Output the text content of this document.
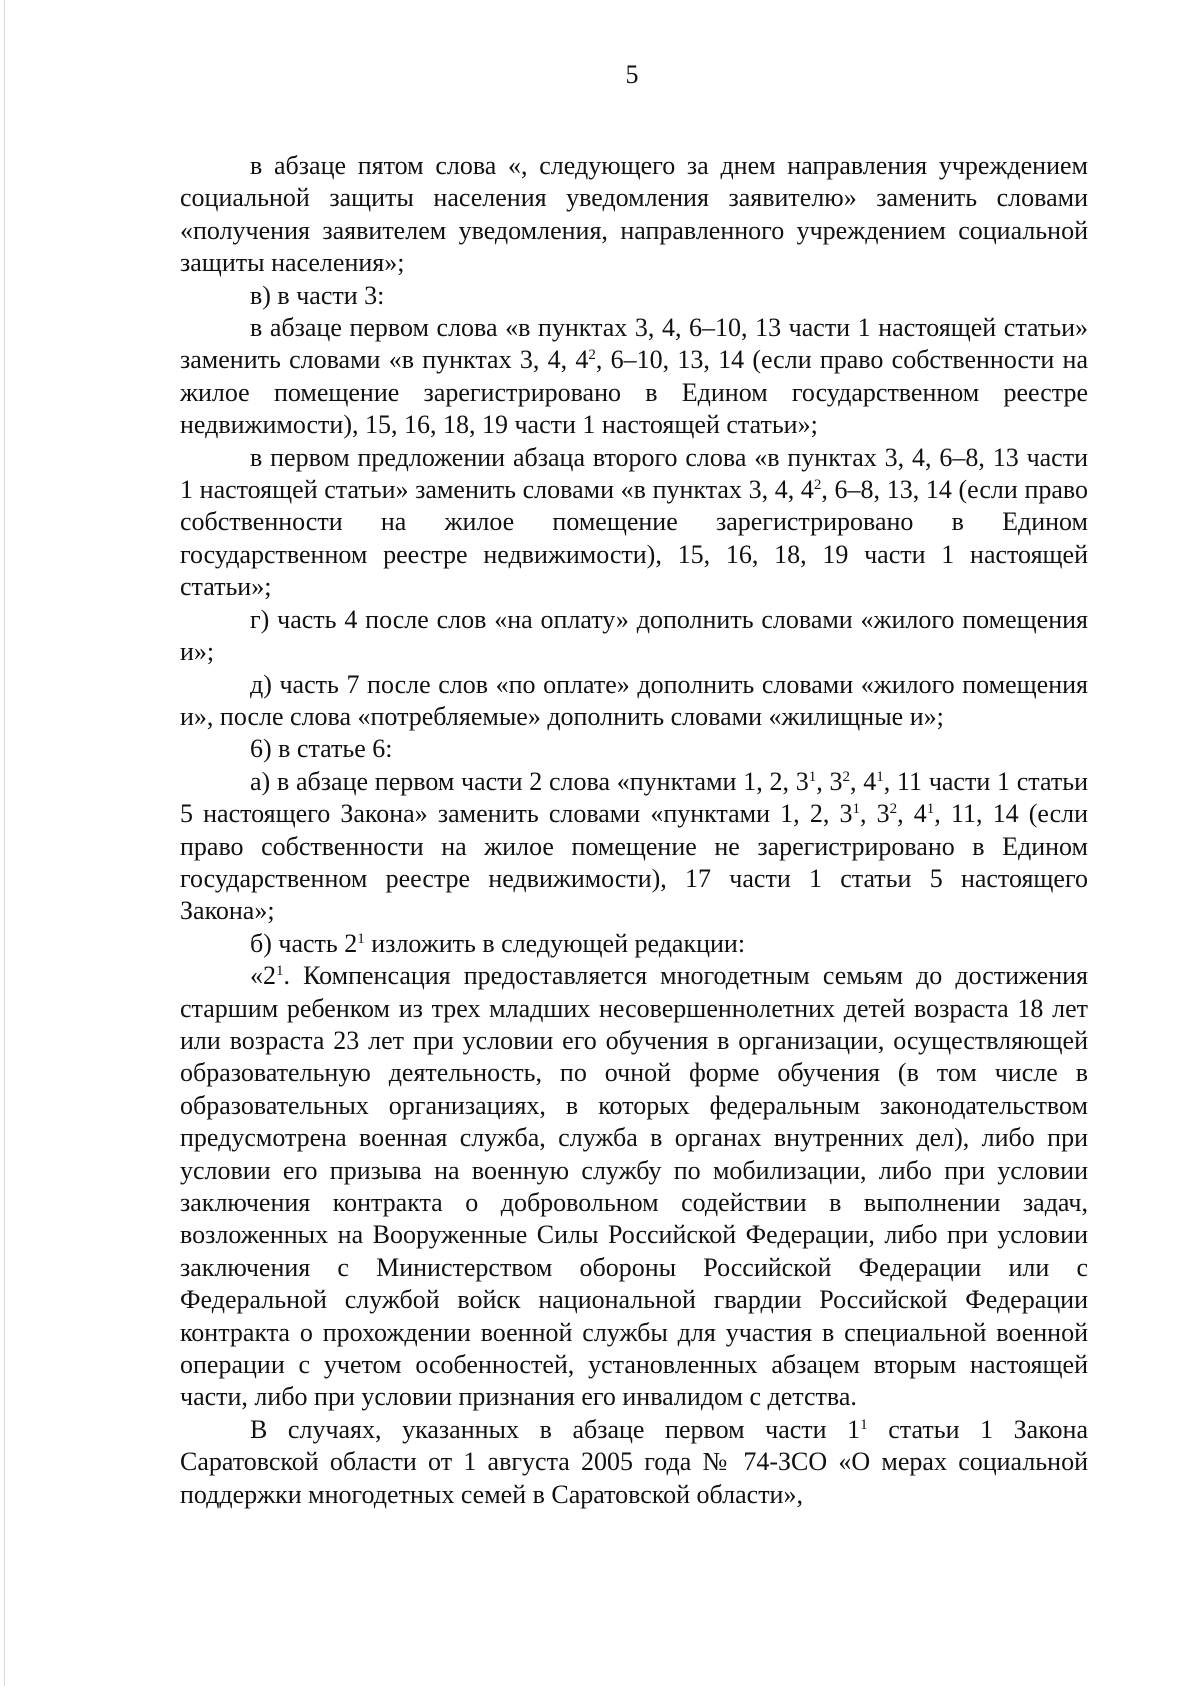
5

в абзаце пятом слова «, следующего за днем направления учреждением социальной защиты населения уведомления заявителю» заменить словами «получения заявителем уведомления, направленного учреждением социальной защиты населения»;

в) в части 3:

в абзаце первом слова «в пунктах 3, 4, 6–10, 13 части 1 настоящей статьи» заменить словами «в пунктах 3, 4, $4^2$, 6–10, 13, 14 (если право собственности на жилое помещение зарегистрировано в Едином государственном реестре недвижимости), 15, 16, 18, 19 части 1 настоящей статьи»;

в первом предложении абзаца второго слова «в пунктах 3, 4, 6–8, 13 части 1 настоящей статьи» заменить словами «в пунктах 3, 4, $4^2$, 6–8, 13, 14 (если право собственности на жилое помещение зарегистрировано в Едином государственном реестре недвижимости), 15, 16, 18, 19 части 1 настоящей статьи»;

г) часть 4 после слов «на оплату» дополнить словами «жилого помещения и»;

д) часть 7 после слов «по оплате» дополнить словами «жилого помещения и», после слова «потребляемые» дополнить словами «жилищные и»;

6) в статье 6:

а) в абзаце первом части 2 слова «пунктами 1, 2, $3^1$, $3^2$, $4^1$, 11 части 1 статьи 5 настоящего Закона» заменить словами «пунктами 1, 2, $3^1$, $3^2$, $4^1$, 11, 14 (если право собственности на жилое помещение не зарегистрировано в Едином государственном реестре недвижимости), 17 части 1 статьи 5 настоящего Закона»;

б) часть $2^1$ изложить в следующей редакции:

«$2^1$. Компенсация предоставляется многодетным семьям до достижения старшим ребенком из трех младших несовершеннолетних детей возраста 18 лет или возраста 23 лет при условии его обучения в организации, осуществляющей образовательную деятельность, по очной форме обучения (в том числе в образовательных организациях, в которых федеральным законодательством предусмотрена военная служба, служба в органах внутренних дел), либо при условии его призыва на военную службу по мобилизации, либо при условии заключения контракта о добровольном содействии в выполнении задач, возложенных на Вооруженные Силы Российской Федерации, либо при условии заключения с Министерством обороны Российской Федерации или с Федеральной службой войск национальной гвардии Российской Федерации контракта о прохождении военной службы для участия в специальной военной операции с учетом особенностей, установленных абзацем вторым настоящей части, либо при условии признания его инвалидом с детства.

В случаях, указанных в абзаце первом части $1^1$ статьи 1 Закона Саратовской области от 1 августа 2005 года № 74-ЗСО «О мерах социальной поддержки многодетных семей в Саратовской области»,
